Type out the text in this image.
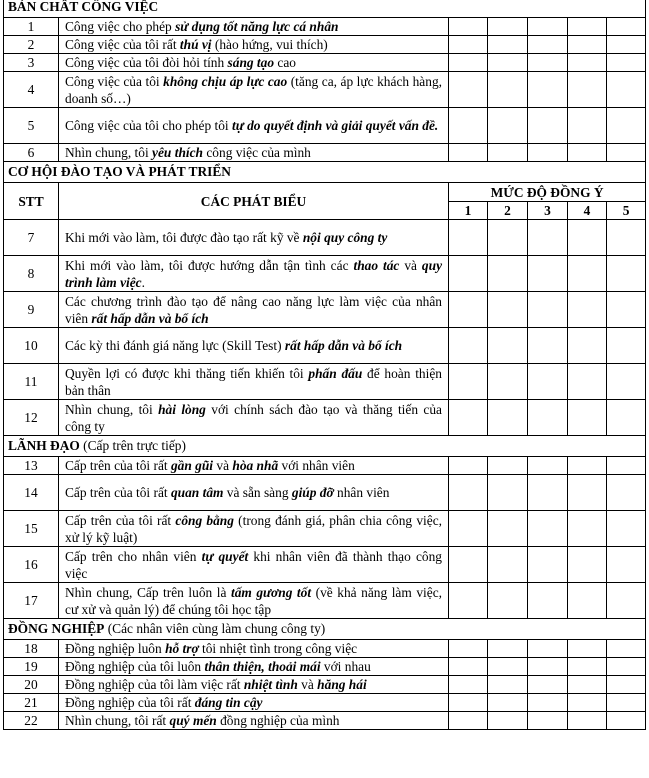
BẢN CHẤT CÔNG VIỆC						
1	Công việc cho phép sử dụng tốt năng lực cá nhân					
2	Công việc của tôi rất thú vị (hào hứng, vui thích)					
3	Công việc của tôi đòi hỏi tính sáng tạo cao					
4	Công việc của tôi không chịu áp lực cao (tăng ca, áp lực khách hàng, doanh số…)					
5	Công việc của tôi cho phép tôi tự do quyết định và giải quyết vấn đề.					
6	Nhìn chung, tôi yêu thích công việc của mình					
CƠ HỘI ĐÀO TẠO VÀ PHÁT TRIỂN						
STT	CÁC PHÁT BIỂU	MỨC ĐỘ ĐỒNG Ý				
		1	2	3	4	5
7	Khi mới vào làm, tôi được đào tạo rất kỹ về nội quy công ty					
8	Khi mới vào làm, tôi được hướng dẫn tận tình các thao tác và quy trình làm việc.					
9	Các chương trình đào tạo để nâng cao năng lực làm việc của nhân viên rất hấp dẫn và bổ ích					
10	Các kỳ thi đánh giá năng lực (Skill Test) rất hấp dẫn và bổ ích					
11	Quyền lợi có được khi thăng tiến khiến tôi phấn đấu để hoàn thiện bản thân					
12	Nhìn chung, tôi hài lòng với chính sách đào tạo và thăng tiến của công ty					
LÃNH ĐẠO (Cấp trên trực tiếp)						
13	Cấp trên của tôi rất gần gũi và hòa nhã với nhân viên					
14	Cấp trên của tôi rất quan tâm và sẵn sàng giúp đỡ nhân viên					
15	Cấp trên của tôi rất công bằng (trong đánh giá, phân chia công việc, xử lý kỹ luật)					
16	Cấp trên cho nhân viên tự quyết khi nhân viên đã thành thạo công việc					
17	Nhìn chung, Cấp trên luôn là tấm gương tốt (về khả năng làm việc, cư xử và quản lý) để chúng tôi học tập					
ĐỒNG NGHIỆP (Các nhân viên cùng làm chung công ty)						
18	Đồng nghiệp luôn hỗ trợ tôi nhiệt tình trong công việc					
19	Đồng nghiệp của tôi luôn thân thiện, thoải mái với nhau					
20	Đồng nghiệp của tôi làm việc rất nhiệt tình và hăng hái					
21	Đồng nghiệp của tôi rất đáng tin cậy					
22	Nhìn chung, tôi rất quý mến đồng nghiệp của mình					
